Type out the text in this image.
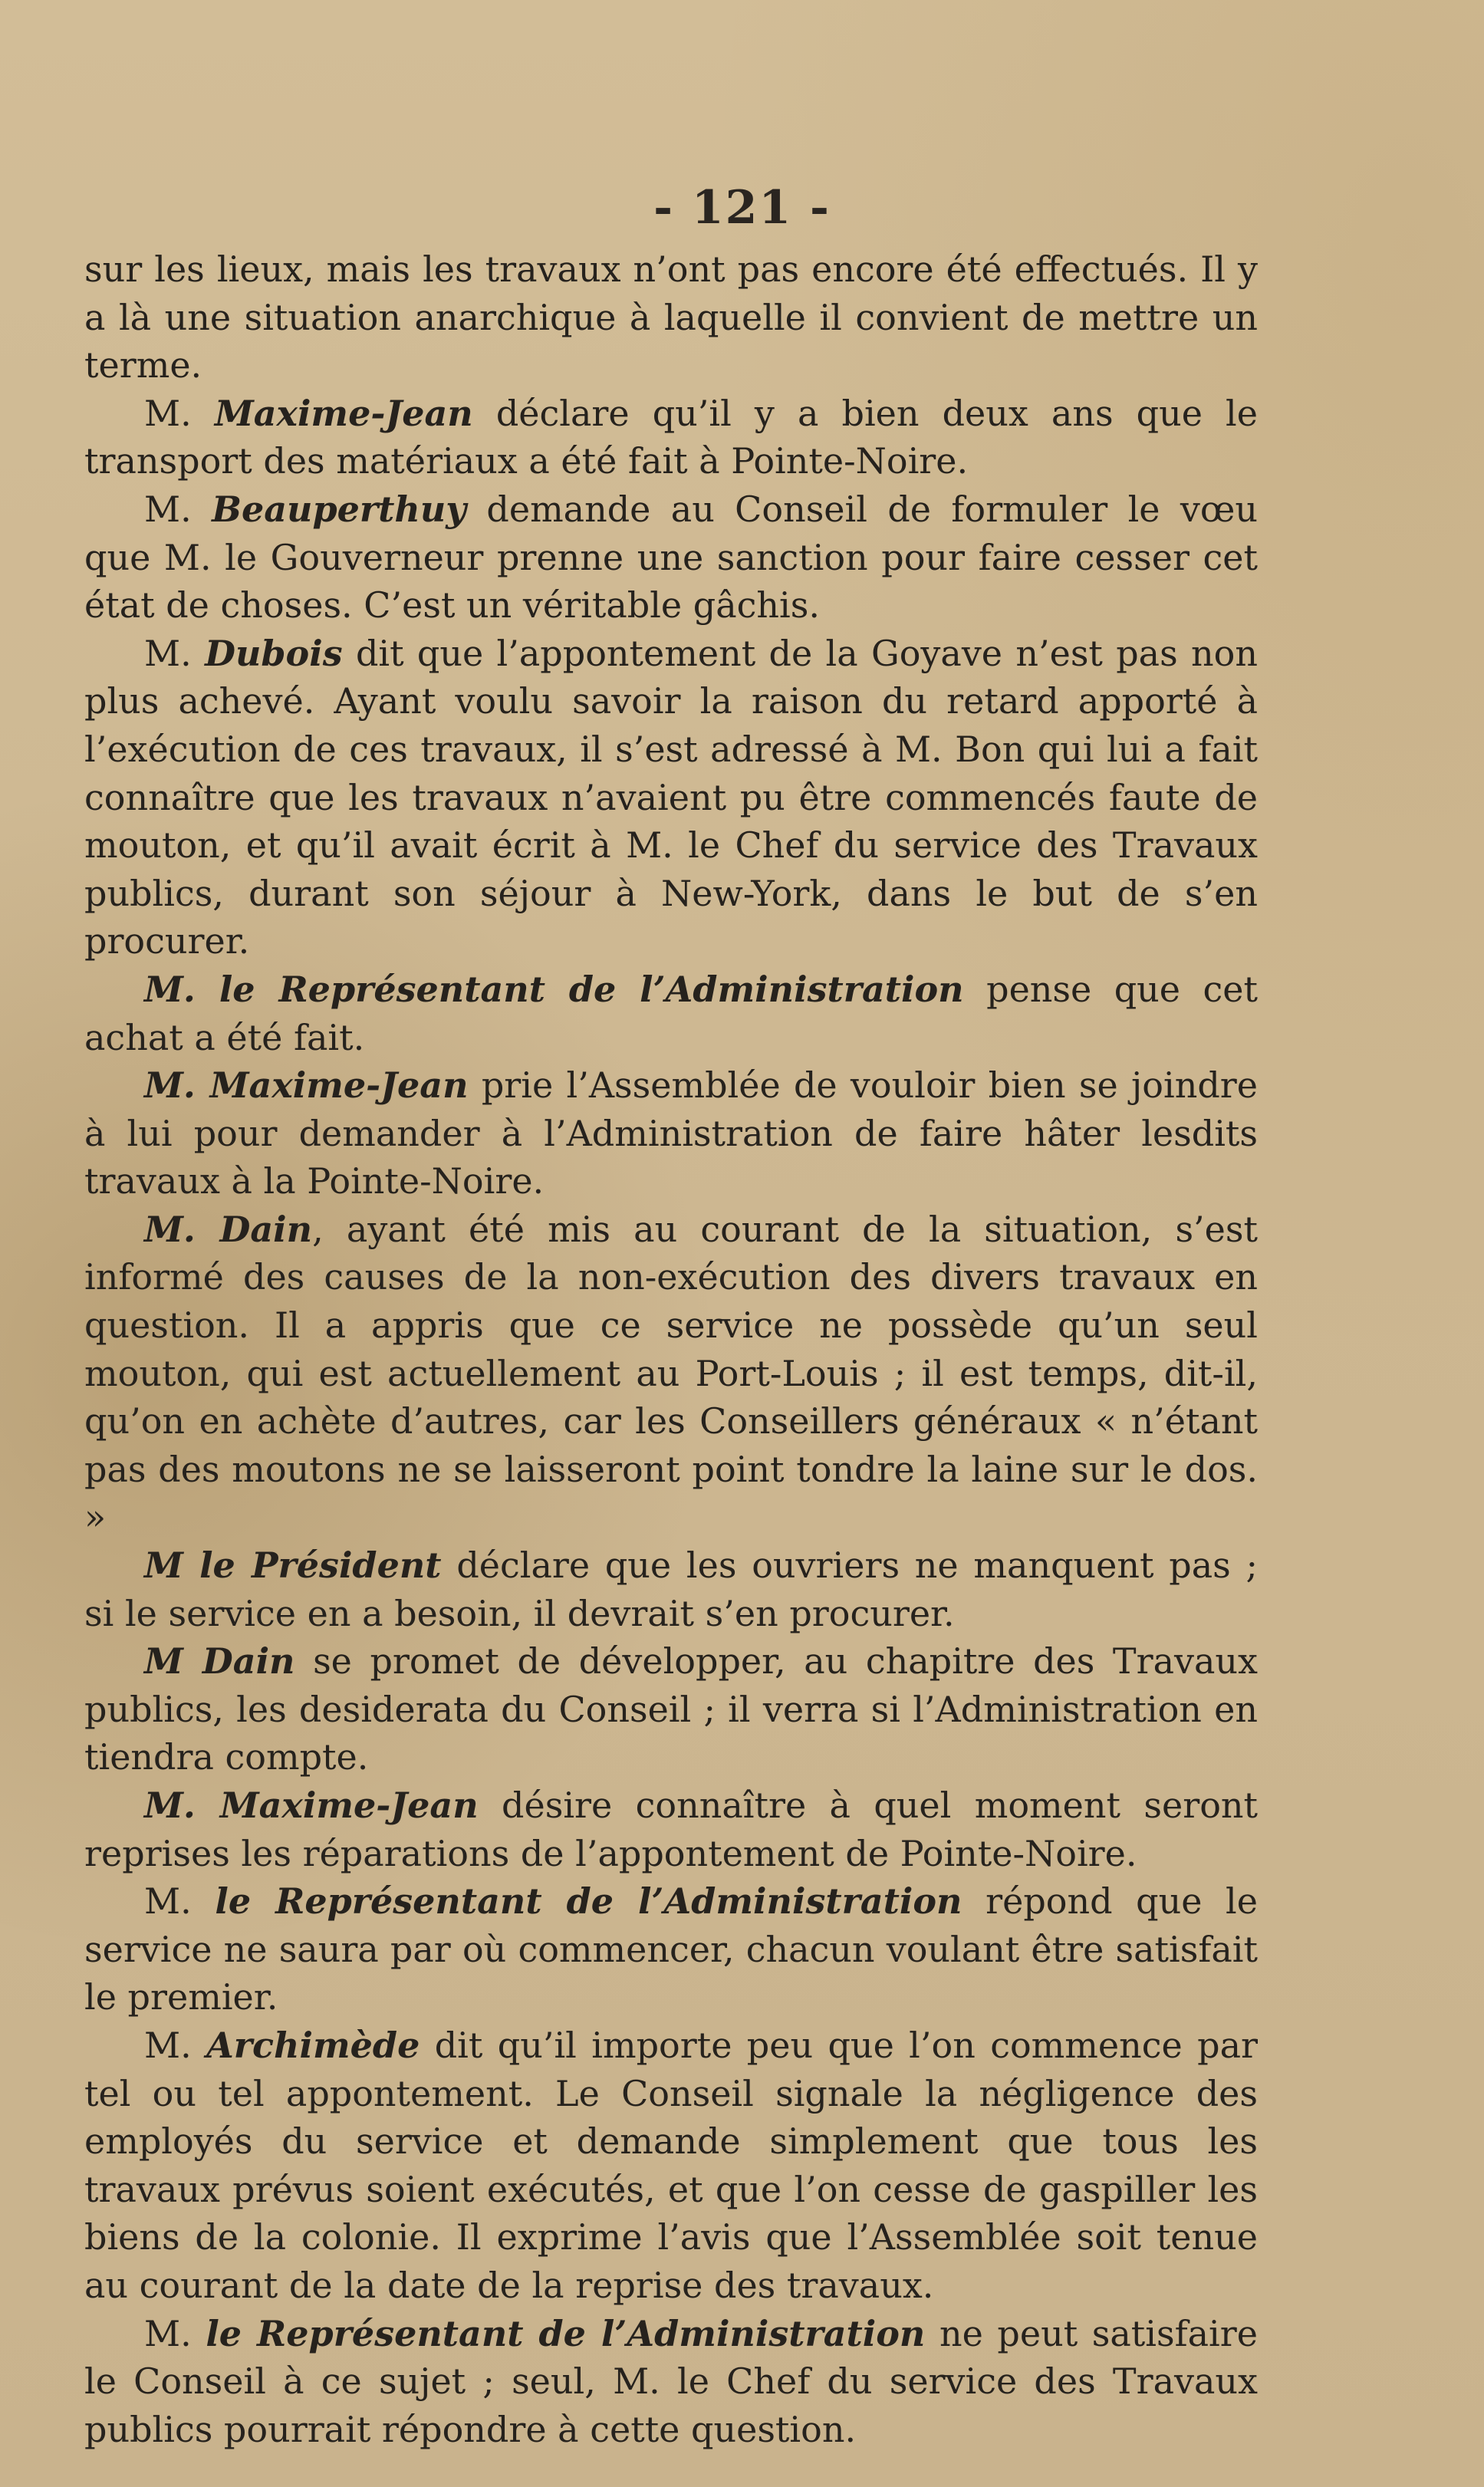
- 121 -

sur les lieux, mais les travaux n’ont pas encore été effectués. Il y a là une situation anarchique à laquelle il convient de mettre un terme.

M. Maxime-Jean déclare qu’il y a bien deux ans que le transport des matériaux a été fait à Pointe-Noire.

M. Beauperthuy demande au Conseil de formuler le vœu que M. le Gouverneur prenne une sanction pour faire cesser cet état de choses. C’est un véritable gâchis.

M. Dubois dit que l’appontement de la Goyave n’est pas non plus achevé. Ayant voulu savoir la raison du retard apporté à l’exécution de ces travaux, il s’est adressé à M. Bon qui lui a fait connaître que les travaux n’avaient pu être commencés faute de mouton, et qu’il avait écrit à M. le Chef du service des Travaux publics, durant son séjour à New-York, dans le but de s’en procurer.

M. le Représentant de l’Administration pense que cet achat a été fait.

M. Maxime-Jean prie l’Assemblée de vouloir bien se joindre à lui pour demander à l’Administration de faire hâter lesdits travaux à la Pointe-Noire.

M. Dain, ayant été mis au courant de la situation, s’est informé des causes de la non-exécution des divers travaux en question. Il a appris que ce service ne possède qu’un seul mouton, qui est actuellement au Port-Louis ; il est temps, dit-il, qu’on en achète d’autres, car les Conseillers généraux « n’étant pas des moutons ne se laisseront point tondre la laine sur le dos. »

M le Président déclare que les ouvriers ne manquent pas ; si le service en a besoin, il devrait s’en procurer.

M Dain se promet de développer, au chapitre des Travaux publics, les desiderata du Conseil ; il verra si l’Administration en tiendra compte.

M. Maxime-Jean désire connaître à quel moment seront reprises les réparations de l’appontement de Pointe-Noire.

M. le Représentant de l’Administration répond que le service ne saura par où commencer, chacun voulant être satisfait le premier.

M. Archimède dit qu’il importe peu que l’on commence par tel ou tel appontement. Le Conseil signale la négligence des employés du service et demande simplement que tous les travaux prévus soient exécutés, et que l’on cesse de gaspiller les biens de la colonie. Il exprime l’avis que l’Assemblée soit tenue au courant de la date de la reprise des travaux.

M. le Représentant de l’Administration ne peut satisfaire le Conseil à ce sujet ; seul, M. le Chef du service des Travaux publics pourrait répondre à cette question.
